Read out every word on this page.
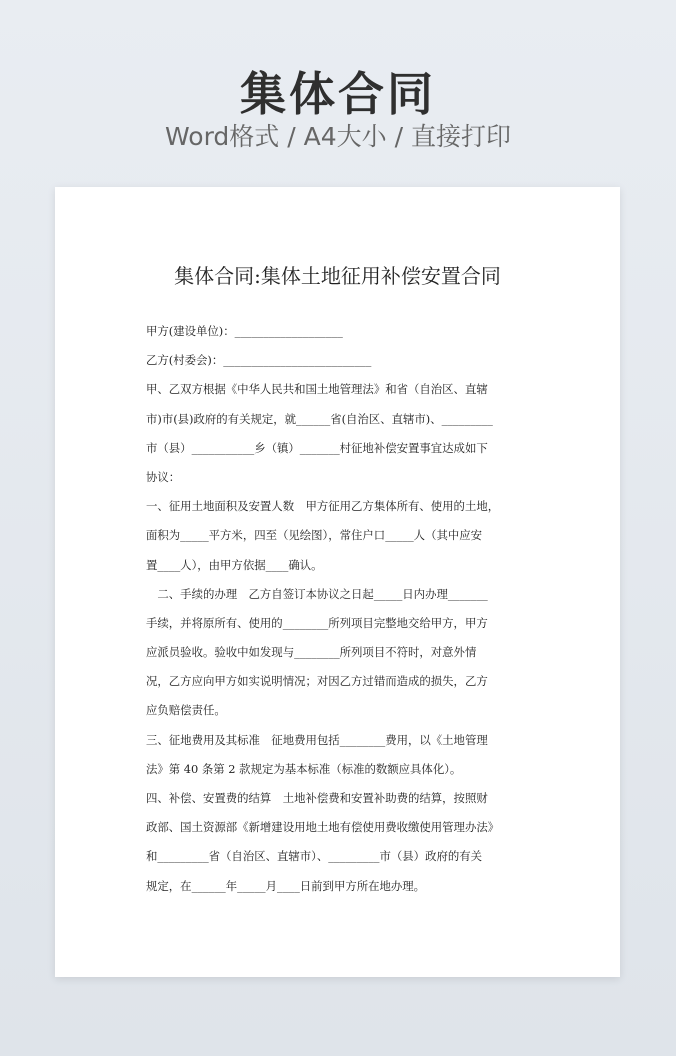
集体合同
Word格式 / A4大小 / 直接打印
集体合同:集体土地征用补偿安置合同
甲方(建设单位)：___________________
乙方(村委会)：__________________________
甲、乙双方根据《中华人民共和国土地管理法》和省（自治区、直辖
市)市(县)政府的有关规定，就______省(自治区、直辖市)、_________
市（县）___________乡（镇）_______村征地补偿安置事宜达成如下
协议：
一、征用土地面积及安置人数　甲方征用乙方集体所有、使用的土地，
面积为_____平方米，四至（见绘图），常住户口_____人（其中应安
置____人），由甲方依据____确认。
　二、手续的办理　乙方自签订本协议之日起_____日内办理_______
手续，并将原所有、使用的________所列项目完整地交给甲方，甲方
应派员验收。验收中如发现与________所列项目不符时，对意外情
况，乙方应向甲方如实说明情况；对因乙方过错而造成的损失，乙方
应负赔偿责任。
三、征地费用及其标准　征地费用包括________费用，以《土地管理
法》第 40 条第 2 款规定为基本标准（标准的数额应具体化）。
四、补偿、安置费的结算　土地补偿费和安置补助费的结算，按照财
政部、国土资源部《新增建设用地土地有偿使用费收缴使用管理办法》
和_________省（自治区、直辖市）、_________市（县）政府的有关
规定，在______年_____月____日前到甲方所在地办理。
